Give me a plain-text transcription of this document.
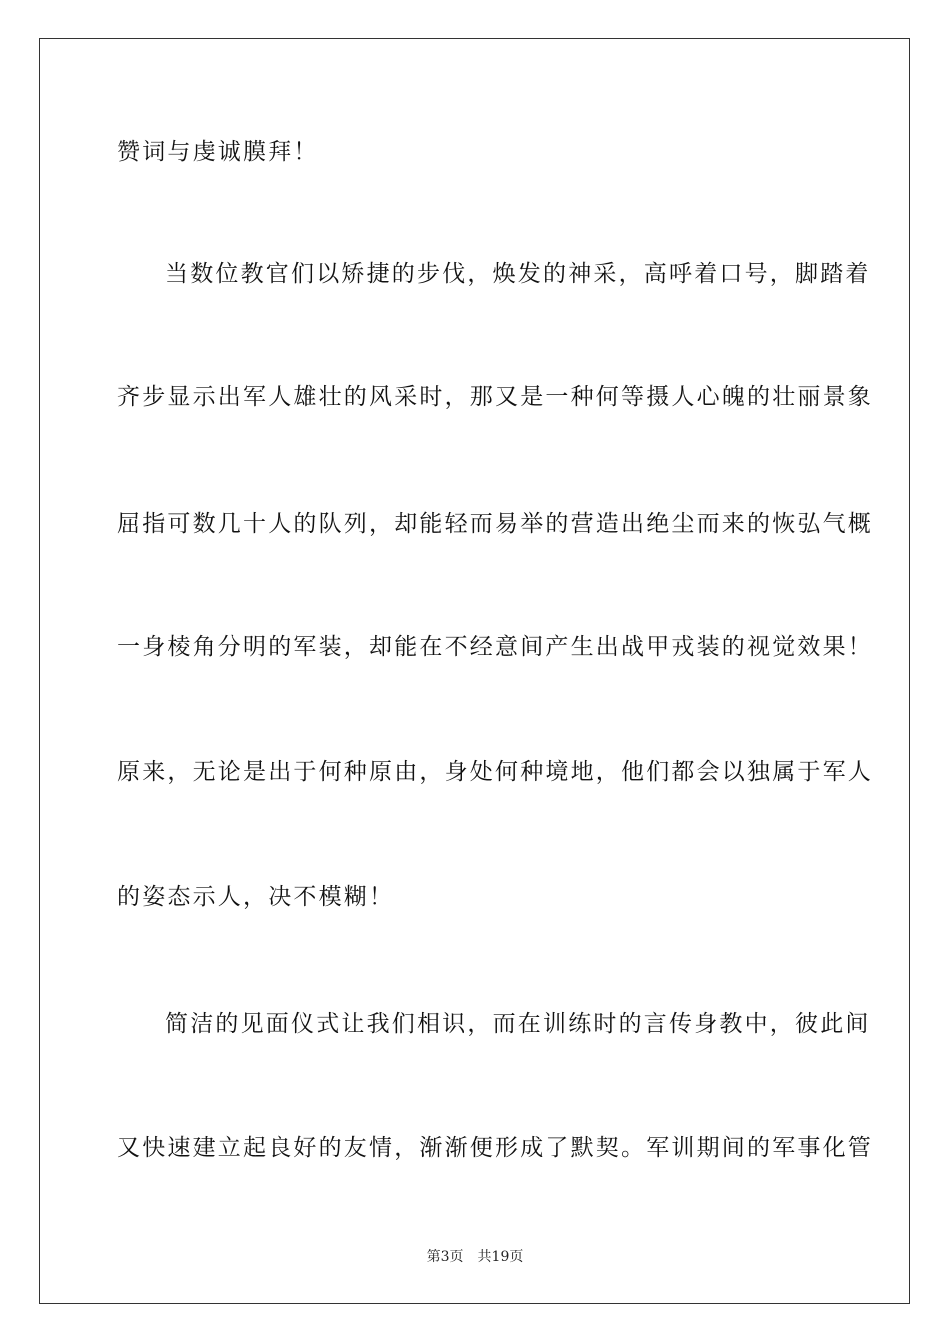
赞词与虔诚膜拜！
当数位教官们以矫捷的步伐，焕发的神采，高呼着口号，脚踏着
齐步显示出军人雄壮的风采时，那又是一种何等摄人心魄的壮丽景象
屈指可数几十人的队列，却能轻而易举的营造出绝尘而来的恢弘气概
一身棱角分明的军装，却能在不经意间产生出战甲戎装的视觉效果！
原来，无论是出于何种原由，身处何种境地，他们都会以独属于军人
的姿态示人，决不模糊！
简洁的见面仪式让我们相识，而在训练时的言传身教中，彼此间
又快速建立起良好的友情，渐渐便形成了默契。军训期间的军事化管
第3页 共19页
